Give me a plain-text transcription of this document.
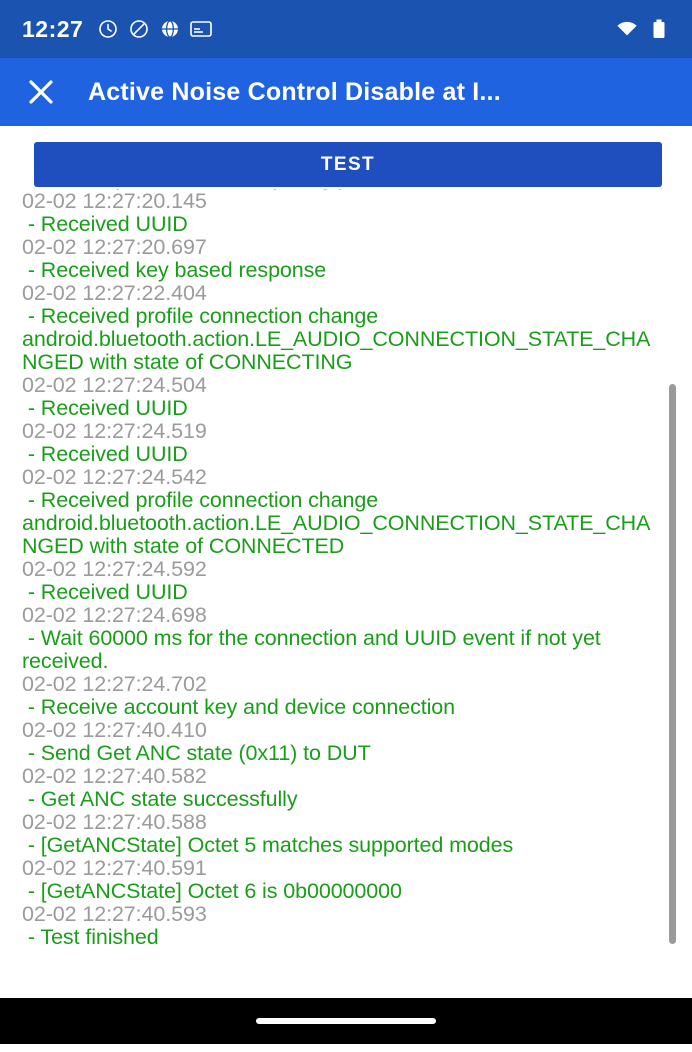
12:27
Active Noise Control Disable at I...
TEST
02-02 12:27:20.145
- Received UUID
02-02 12:27:20.697
- Received key based response
02-02 12:27:22.404
- Received profile connection change android.bluetooth.action.LE_AUDIO_CONNECTION_STATE_CHANGED with state of CONNECTING
02-02 12:27:24.504
- Received UUID
02-02 12:27:24.519
- Received UUID
02-02 12:27:24.542
- Received profile connection change android.bluetooth.action.LE_AUDIO_CONNECTION_STATE_CHANGED with state of CONNECTED
02-02 12:27:24.592
- Received UUID
02-02 12:27:24.698
- Wait 60000 ms for the connection and UUID event if not yet received.
02-02 12:27:24.702
- Receive account key and device connection
02-02 12:27:40.410
- Send Get ANC state (0x11) to DUT
02-02 12:27:40.582
- Get ANC state successfully
02-02 12:27:40.588
- [GetANCState] Octet 5 matches supported modes
02-02 12:27:40.591
- [GetANCState] Octet 6 is 0b00000000
02-02 12:27:40.593
- Test finished
